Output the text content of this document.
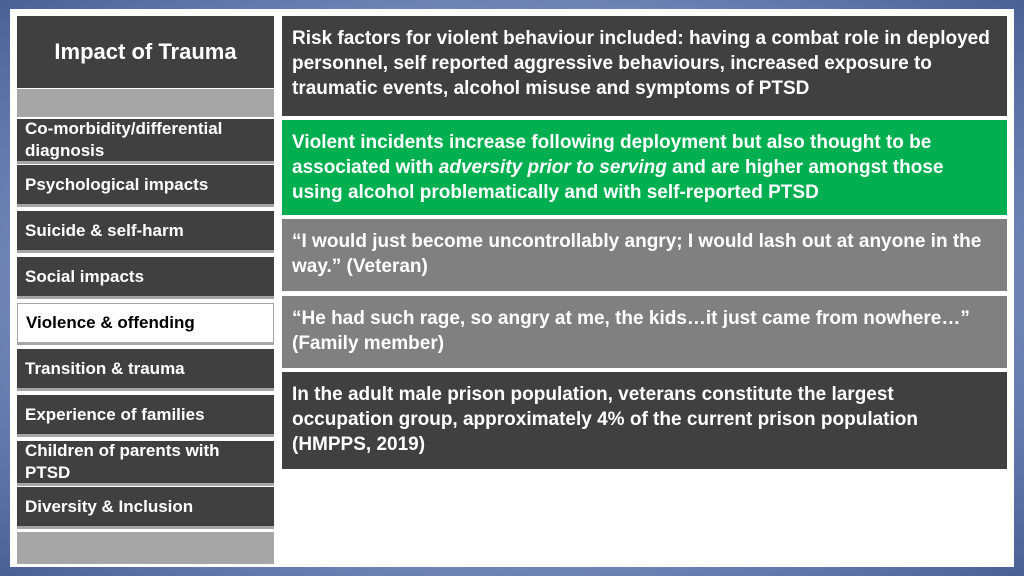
Impact of Trauma
Co-morbidity/differential diagnosis
Psychological impacts
Suicide & self-harm
Social impacts
Violence & offending
Transition & trauma
Experience of families
Children of parents with PTSD
Diversity & Inclusion
Risk factors for violent behaviour included: having a combat role in deployed personnel, self reported aggressive behaviours, increased exposure to traumatic events, alcohol misuse and symptoms of PTSD
Violent incidents increase following deployment but also thought to be associated with adversity prior to serving and are higher amongst those using alcohol problematically and with self-reported PTSD
“I would just become uncontrollably angry; I would lash out at anyone in the way.” (Veteran)
“He had such rage, so angry at me, the kids…it just came from nowhere…” (Family member)
In the adult male prison population, veterans constitute the largest occupation group, approximately 4% of the current prison population (HMPPS, 2019)
